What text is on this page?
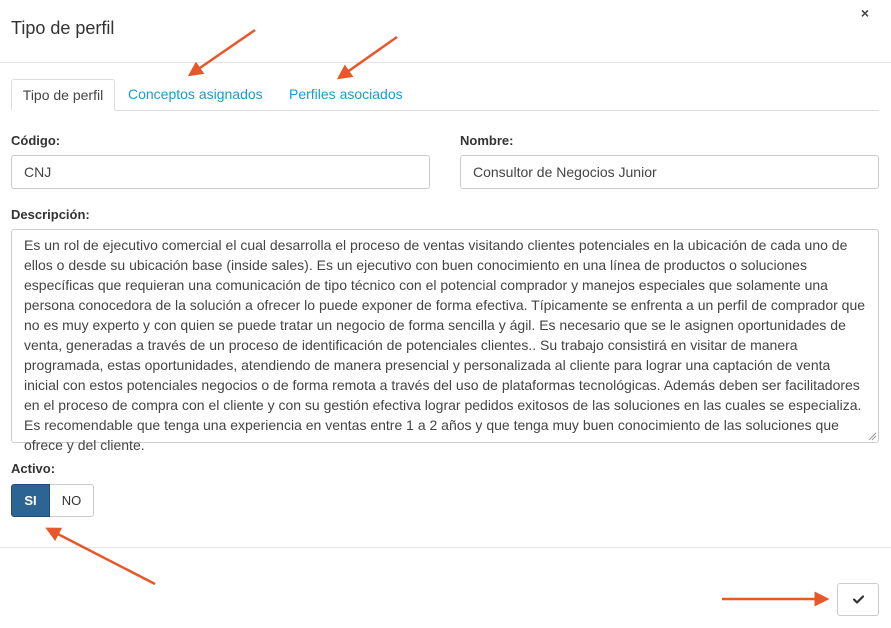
Tipo de perfil
×
Tipo de perfil	Conceptos asignados Perfiles asociados
Código:
CNJ
Nombre:
Consultor de Negocios Junior
Descripción:
Es un rol de ejecutivo comercial el cual desarrolla el proceso de ventas visitando clientes potenciales en la ubicación de cada uno de ellos o desde su ubicación base (inside sales). Es un ejecutivo con buen conocimiento en una línea de productos o soluciones específicas que requieran una comunicación de tipo técnico con el potencial comprador y manejos especiales que solamente una persona conocedora de la solución a ofrecer lo puede exponer de forma efectiva. Típicamente se enfrenta a un perfil de comprador que no es muy experto y con quien se puede tratar un negocio de forma sencilla y ágil. Es necesario que se le asignen oportunidades de venta, generadas a través de un proceso de identificación de potenciales clientes.. Su trabajo consistirá en visitar de manera programada, estas oportunidades, atendiendo de manera presencial y personalizada al cliente para lograr una captación de venta inicial con estos potenciales negocios o de forma remota a través del uso de plataformas tecnológicas. Además deben ser facilitadores en el proceso de compra con el cliente y con su gestión efectiva lograr pedidos exitosos de las soluciones en las cuales se especializa. Es recomendable que tenga una experiencia en ventas entre 1 a 2 años y que tenga muy buen conocimiento de las soluciones que ofrece y del cliente.
Activo:
SI	NO
